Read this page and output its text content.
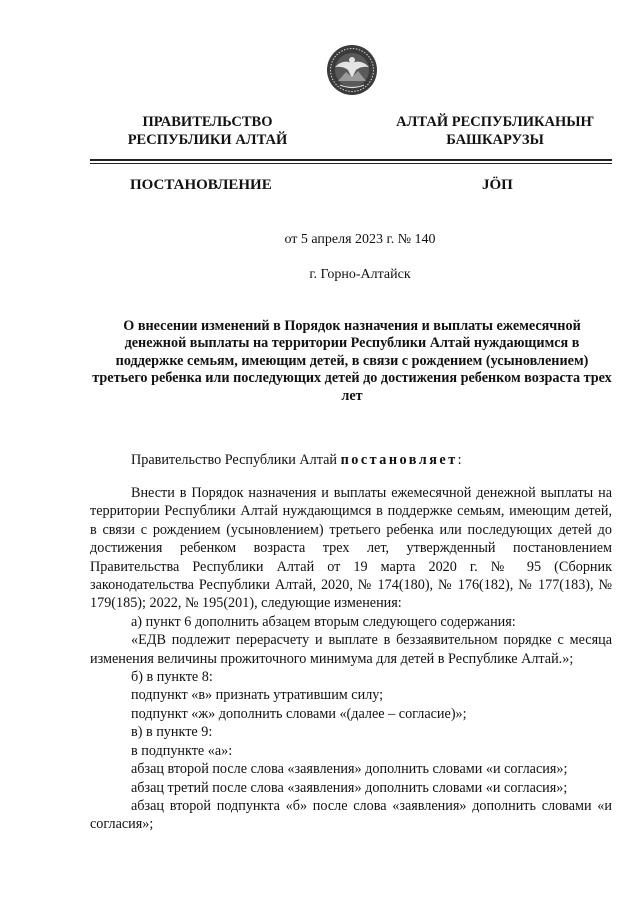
ПРАВИТЕЛЬСТВО
РЕСПУБЛИКИ АЛТАЙ
АЛТАЙ РЕСПУБЛИКАНЫҤ
БАШКАРУЗЫ
ПОСТАНОВЛЕНИЕ	JÖП
от 5 апреля 2023 г. № 140
г. Горно-Алтайск
О внесении изменений в Порядок назначения и выплаты ежемесячной денежной выплаты на территории Республики Алтай нуждающимся в поддержке семьям, имеющим детей, в связи с рождением (усыновлением) третьего ребенка или последующих детей до достижения ребенком возраста трех лет
Правительство Республики Алтай постановляет:

Внести в Порядок назначения и выплаты ежемесячной денежной выплаты на территории Республики Алтай нуждающимся в поддержке семьям, имеющим детей, в связи с рождением (усыновлением) третьего ребенка или последующих детей до достижения ребенком возраста трех лет, утвержденный постановлением Правительства Республики Алтай от 19 марта 2020 г. № 95 (Сборник законодательства Республики Алтай, 2020, № 174(180), № 176(182), № 177(183), № 179(185); 2022, № 195(201), следующие изменения:

а) пункт 6 дополнить абзацем вторым следующего содержания:

«ЕДВ подлежит перерасчету и выплате в беззаявительном порядке с месяца изменения величины прожиточного минимума для детей в Республике Алтай.»;

б) в пункте 8:

подпункт «в» признать утратившим силу;

подпункт «ж» дополнить словами «(далее – согласие)»;

в) в пункте 9:

в подпункте «а»:

абзац второй после слова «заявления» дополнить словами «и согласия»;

абзац третий после слова «заявления» дополнить словами «и согласия»;

абзац второй подпункта «б» после слова «заявления» дополнить словами «и согласия»;
